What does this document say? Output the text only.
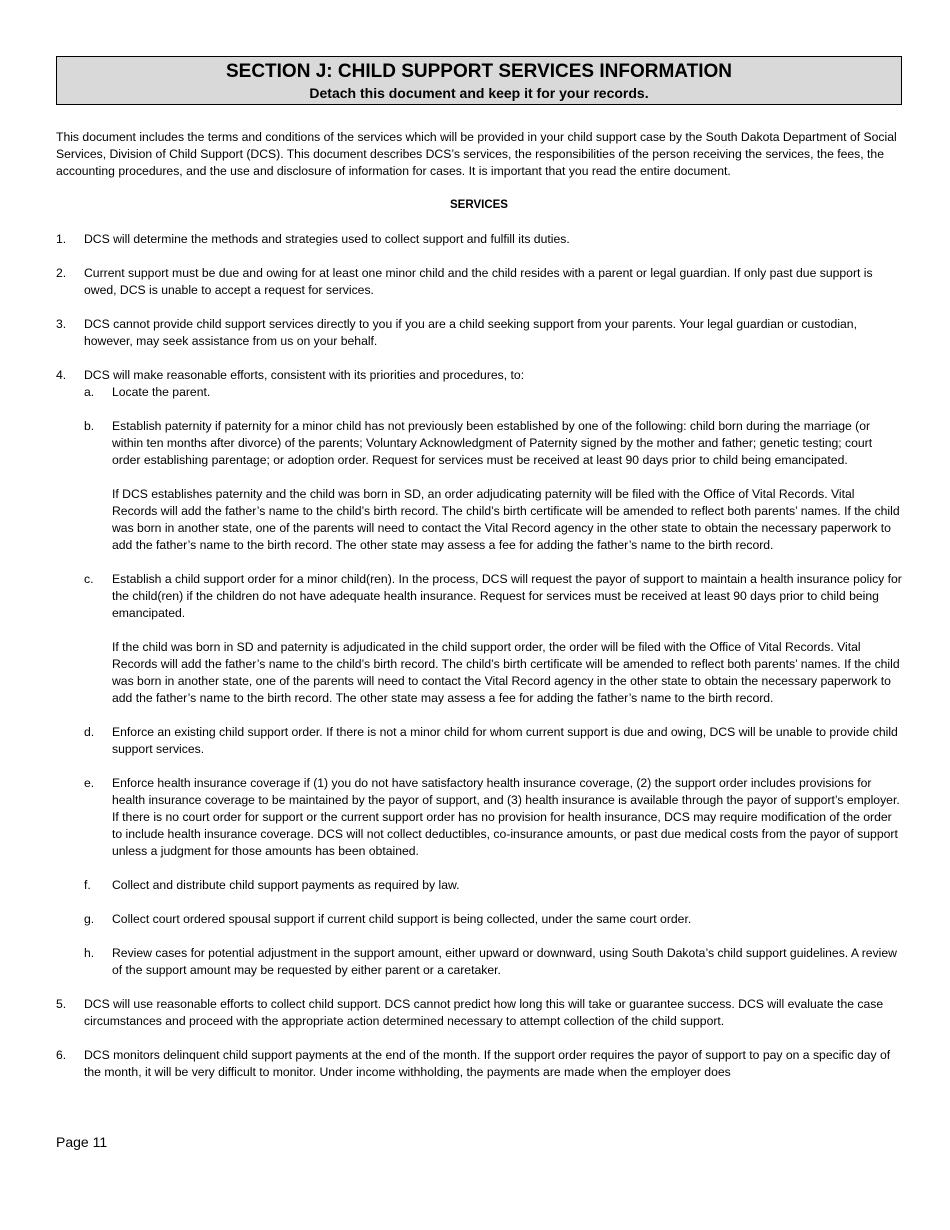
SECTION J: CHILD SUPPORT SERVICES INFORMATION
Detach this document and keep it for your records.
This document includes the terms and conditions of the services which will be provided in your child support case by the South Dakota Department of Social Services, Division of Child Support (DCS). This document describes DCS’s services, the responsibilities of the person receiving the services, the fees, the accounting procedures, and the use and disclosure of information for cases. It is important that you read the entire document.
SERVICES
1. DCS will determine the methods and strategies used to collect support and fulfill its duties.
2. Current support must be due and owing for at least one minor child and the child resides with a parent or legal guardian. If only past due support is owed, DCS is unable to accept a request for services.
3. DCS cannot provide child support services directly to you if you are a child seeking support from your parents. Your legal guardian or custodian, however, may seek assistance from us on your behalf.
4. DCS will make reasonable efforts, consistent with its priorities and procedures, to:
a. Locate the parent.
b. Establish paternity if paternity for a minor child has not previously been established by one of the following: child born during the marriage (or within ten months after divorce) of the parents; Voluntary Acknowledgment of Paternity signed by the mother and father; genetic testing; court order establishing parentage; or adoption order. Request for services must be received at least 90 days prior to child being emancipated.
If DCS establishes paternity and the child was born in SD, an order adjudicating paternity will be filed with the Office of Vital Records. Vital Records will add the father’s name to the child’s birth record. The child’s birth certificate will be amended to reflect both parents’ names. If the child was born in another state, one of the parents will need to contact the Vital Record agency in the other state to obtain the necessary paperwork to add the father’s name to the birth record. The other state may assess a fee for adding the father’s name to the birth record.
c. Establish a child support order for a minor child(ren). In the process, DCS will request the payor of support to maintain a health insurance policy for the child(ren) if the children do not have adequate health insurance. Request for services must be received at least 90 days prior to child being emancipated.
If the child was born in SD and paternity is adjudicated in the child support order, the order will be filed with the Office of Vital Records. Vital Records will add the father’s name to the child’s birth record. The child’s birth certificate will be amended to reflect both parents’ names. If the child was born in another state, one of the parents will need to contact the Vital Record agency in the other state to obtain the necessary paperwork to add the father’s name to the birth record. The other state may assess a fee for adding the father’s name to the birth record.
d. Enforce an existing child support order. If there is not a minor child for whom current support is due and owing, DCS will be unable to provide child support services.
e. Enforce health insurance coverage if (1) you do not have satisfactory health insurance coverage, (2) the support order includes provisions for health insurance coverage to be maintained by the payor of support, and (3) health insurance is available through the payor of support’s employer. If there is no court order for support or the current support order has no provision for health insurance, DCS may require modification of the order to include health insurance coverage. DCS will not collect deductibles, co-insurance amounts, or past due medical costs from the payor of support unless a judgment for those amounts has been obtained.
f. Collect and distribute child support payments as required by law.
g. Collect court ordered spousal support if current child support is being collected, under the same court order.
h. Review cases for potential adjustment in the support amount, either upward or downward, using South Dakota’s child support guidelines. A review of the support amount may be requested by either parent or a caretaker.
5. DCS will use reasonable efforts to collect child support. DCS cannot predict how long this will take or guarantee success. DCS will evaluate the case circumstances and proceed with the appropriate action determined necessary to attempt collection of the child support.
6. DCS monitors delinquent child support payments at the end of the month. If the support order requires the payor of support to pay on a specific day of the month, it will be very difficult to monitor. Under income withholding, the payments are made when the employer does
Page 11
